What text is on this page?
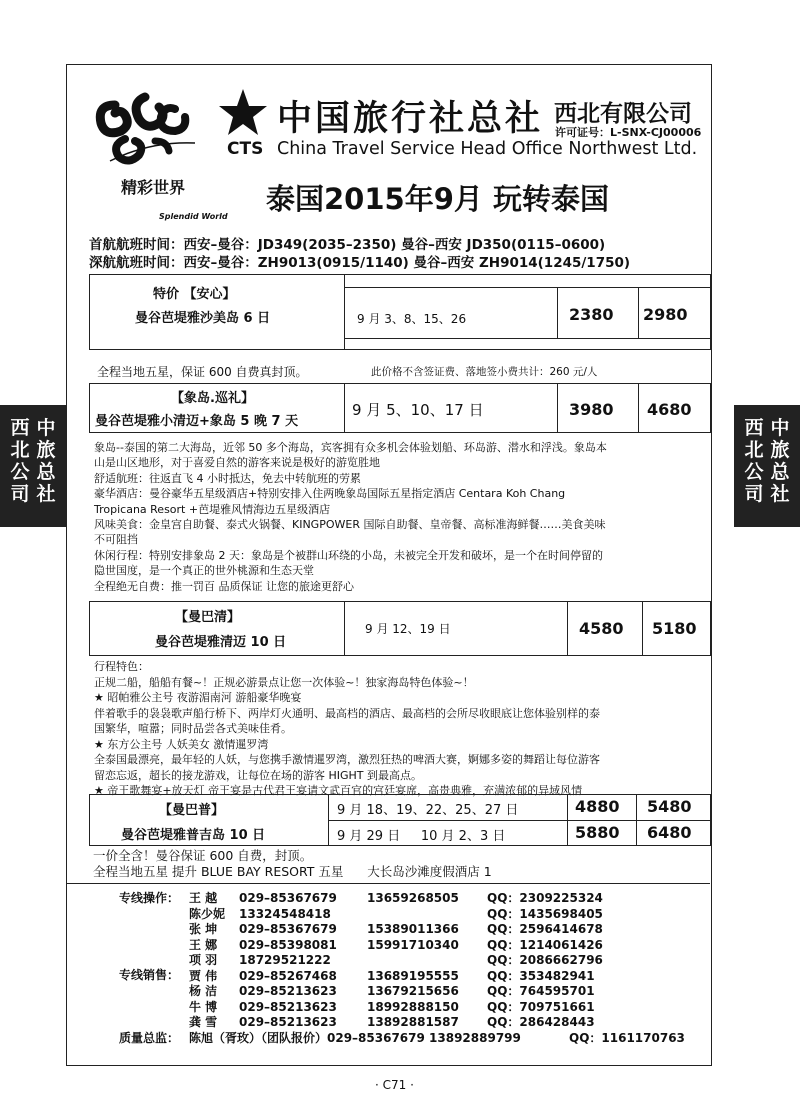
西北公司
中旅总社
西北公司
中旅总社
精彩世界
Splendid World
CTS
中国旅行社总社 西北有限公司
许可证号：L-SNX-CJ00006
China Travel Service Head Office Northwest Ltd.
泰国2015年9月 玩转泰国
首航航班时间：西安–曼谷：JD349(2035–2350) 曼谷–西安 JD350(0115–0600)
深航航班时间：西安–曼谷：ZH9013(0915/1140) 曼谷–西安 ZH9014(1245/1750)
特价 【安心】
曼谷芭堤雅沙美岛 6 日	9 月 3、8、15、26	2380 2980
全程当地五星，保证 600 自费真封顶。	此价格不含签证费、落地签小费共计：260 元/人
【象岛.巡礼】
曼谷芭堤雅小清迈+象岛 5 晚 7 天
9 月 5、10、17 日	3980 4680
象岛--泰国的第二大海岛，近邻 50 多个海岛，宾客拥有众多机会体验划船、环岛游、潜水和浮浅。象岛本
山是山区地形，对于喜爱自然的游客来说是极好的游览胜地
舒适航班：往返直飞 4 小时抵达，免去中转航班的劳累
豪华酒店：曼谷豪华五星级酒店+特别安排入住两晚象岛国际五星指定酒店 Centara Koh Chang
Tropicana Resort +芭堤雅风情海边五星级酒店
风味美食：金皇宫自助餐、泰式火锅餐、KINGPOWER 国际自助餐、皇帝餐、高标准海鲜餐……美食美味
不可阻挡
休闲行程：特别安排象岛 2 天：象岛是个被群山环绕的小岛，未被完全开发和破坏，是一个在时间停留的
隐世国度，是一个真正的世外桃源和生态天堂
全程绝无自费：推一罚百 品质保证 让您的旅途更舒心
【曼巴清】
曼谷芭堤雅清迈 10 日
9 月 12、19 日	4580 5180
行程特色：
正规二船，船船有餐~！正规必游景点让您一次体验~！独家海岛特色体验~！
★ 昭帕雅公主号 夜游湄南河 游船豪华晚宴
伴着歌手的袅袅歌声船行桥下、两岸灯火通明、最高档的酒店、最高档的会所尽收眼底让您体验别样的泰
国繁华，喧嚣；同时品尝各式美味佳肴。
★ 东方公主号 人妖美女 激情暹罗湾
全泰国最漂亮，最年轻的人妖，与您携手激情暹罗湾，激烈狂热的啤酒大赛，婀娜多姿的舞蹈让每位游客
留恋忘返，超长的接龙游戏，让每位在场的游客 HIGHT 到最高点。
★ 帝王歌舞宴+放天灯 帝王宴是古代君王宴请文武百官的宫廷宴席，高贵典雅，充满浓郁的异域风情
【曼巴普】
曼谷芭堤雅普吉岛 10 日
9 月 18、19、22、25、27 日	4880 5480
9 月 29 日     10 月 2、3 日	5880 6480
一价全含！曼谷保证 600 自费，封顶。
全程当地五星 提升 BLUE BAY RESORT 五星      大长岛沙滩度假酒店 1
专线操作：
专线销售：
质量总监：
王 越 029–85367679	13659268505 QQ：2309225324
陈少妮 13324548418	QQ：1435698405
张 坤 029–85367679	15389011366 QQ：2596414678
王 娜 029–85398081	15991710340 QQ：1214061426
项 羽 18729521222	QQ：2086662796
贾 伟 029–85267468	13689195555 QQ：353482941
杨 洁 029–85213623	13679215656 QQ：764595701
牛 博 029–85213623	18992888150 QQ：709751661
龚 雪 029–85213623	13892881587 QQ：286428443
陈旭（胥玫）（团队报价）029–85367679 13892889799	QQ：1161170763
· C71 ·
